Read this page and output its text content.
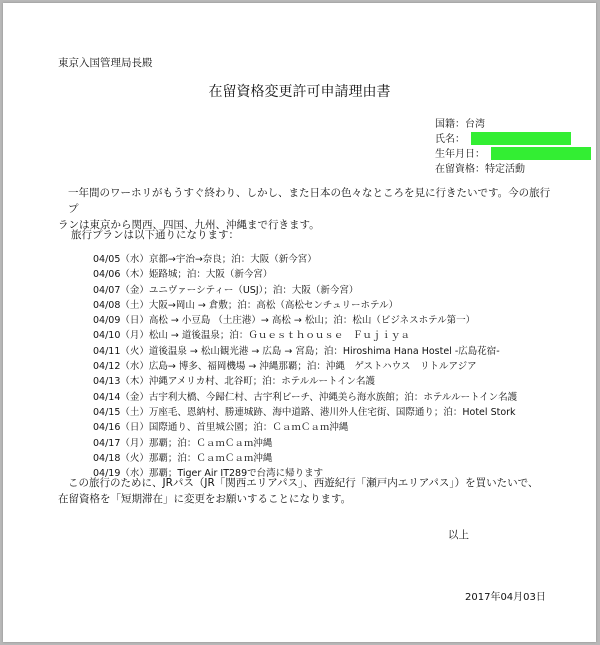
東京入国管理局長殿
在留資格変更許可申請理由書
国籍：台湾
氏名：
生年月日：
在留資格：特定活動
一年間のワーホリがもうすぐ終わり、しかし、また日本の色々なところを見に行きたいです。今の旅行プ
ランは東京から関西、四国、九州、沖縄まで行きます。
旅行プランは以下通りになります：
04/05（水）京都→宇治→奈良；泊：大阪（新今宮）
04/06（木）姫路城；泊：大阪（新今宮）
04/07（金）ユニヴァーシティー（USJ）；泊：大阪（新今宮）
04/08（土）大阪→岡山 → 倉敷；泊：高松（高松センチュリーホテル）
04/09（日）高松 → 小豆島 （土庄港）→ 高松 → 松山；泊：松山（ビジネスホテル第一）
04/10（月）松山 → 道後温泉；泊：Ｇｕｅｓｔｈｏｕｓｅ　Ｆｕｊｉｙａ
04/11（火）道後温泉 → 松山観光港 → 広島 → 宮島；泊：Hiroshima Hana Hostel -広島花宿-
04/12（水）広島→ 博多、福岡機場 → 沖縄那覇；泊：沖縄　ゲストハウス　リトルアジア
04/13（木）沖縄アメリカ村、北谷町；泊：ホテルルートイン名護
04/14（金）古宇利大橋、今歸仁村、古宇利ビーチ、沖縄美ら海水族館；泊：ホテルルートイン名護
04/15（土）万座毛、恩納村、勝連城跡、海中道路、港川外人住宅街、国際通り；泊：Hotel Stork
04/16（日）国際通り、首里城公園；泊：ＣａｍＣａｍ沖縄
04/17（月）那覇；泊：ＣａｍＣａｍ沖縄
04/18（火）那覇；泊：ＣａｍＣａｍ沖縄
04/19（水）那覇；Tiger Air IT289で台湾に帰ります
この旅行のために、JRパス（JR「関西エリアパス」、西遊紀行「瀬戸内エリアパス」）を買いたいで、
在留資格を「短期滞在」に変更をお願いすることになります。
以上
2017年04月03日
